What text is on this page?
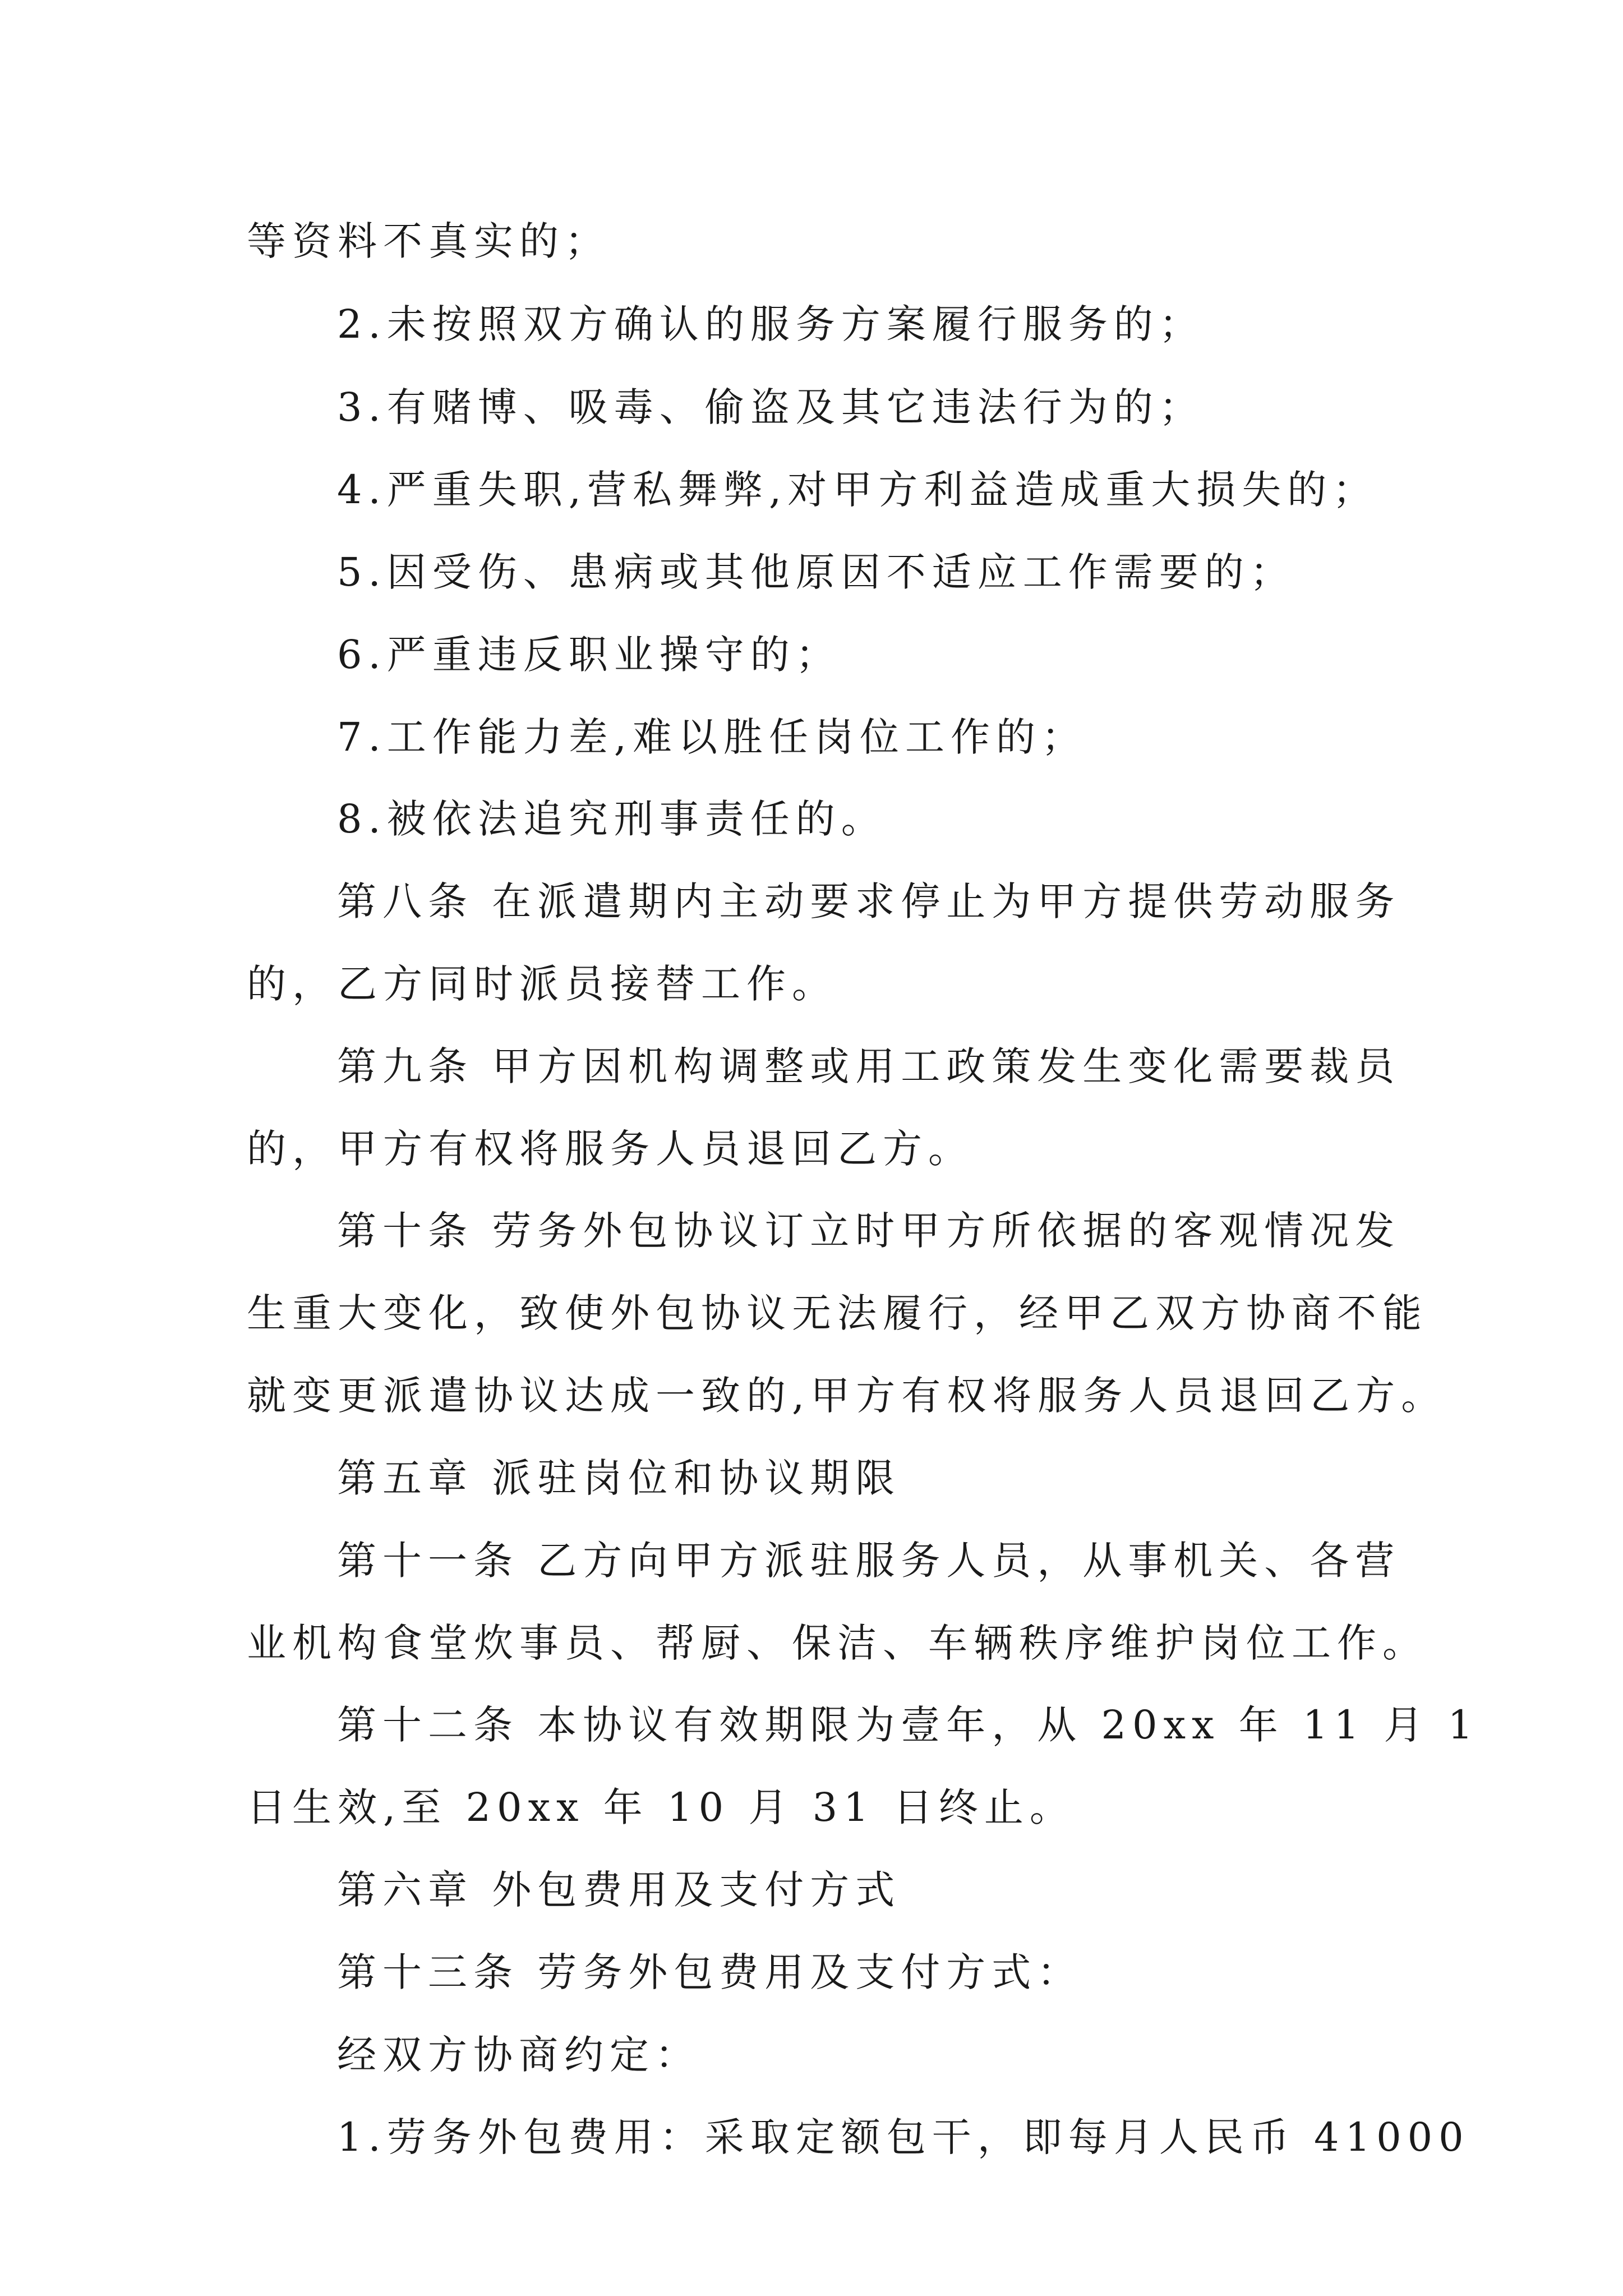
等资料不真实的；
2.未按照双方确认的服务方案履行服务的；
3.有赌博、吸毒、偷盗及其它违法行为的；
4.严重失职,营私舞弊,对甲方利益造成重大损失的；
5.因受伤、患病或其他原因不适应工作需要的；
6.严重违反职业操守的；
7.工作能力差,难以胜任岗位工作的；
8.被依法追究刑事责任的。
第八条 在派遣期内主动要求停止为甲方提供劳动服务
的，乙方同时派员接替工作。
第九条 甲方因机构调整或用工政策发生变化需要裁员
的，甲方有权将服务人员退回乙方。
第十条 劳务外包协议订立时甲方所依据的客观情况发
生重大变化，致使外包协议无法履行，经甲乙双方协商不能
就变更派遣协议达成一致的,甲方有权将服务人员退回乙方。
第五章 派驻岗位和协议期限
第十一条 乙方向甲方派驻服务人员，从事机关、各营
业机构食堂炊事员、帮厨、保洁、车辆秩序维护岗位工作。
第十二条 本协议有效期限为壹年，从 20xx 年 11 月 1
日生效,至 20xx 年 10 月 31 日终止。
第六章 外包费用及支付方式
第十三条 劳务外包费用及支付方式：
经双方协商约定：
1.劳务外包费用：采取定额包干，即每月人民币 41000
